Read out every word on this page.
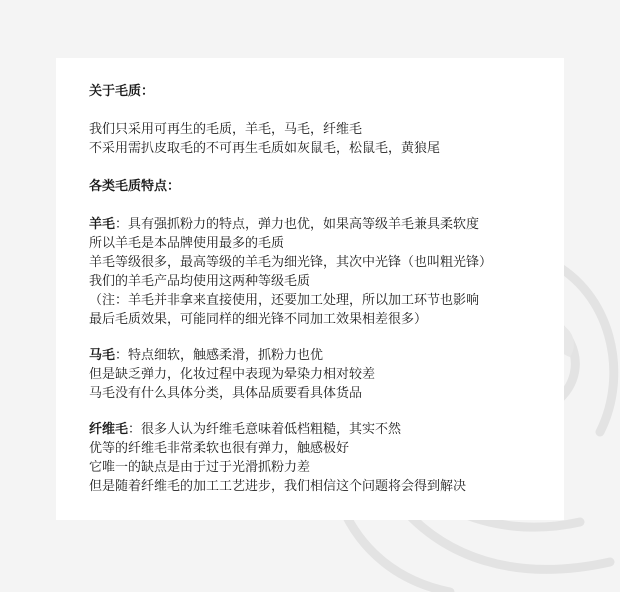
关于毛质：

我们只采用可再生的毛质，羊毛，马毛，纤维毛

不采用需扒皮取毛的不可再生毛质如灰鼠毛，松鼠毛，黄狼尾

各类毛质特点：

羊毛：具有强抓粉力的特点，弹力也优，如果高等级羊毛兼具柔软度

所以羊毛是本品牌使用最多的毛质

羊毛等级很多，最高等级的羊毛为细光锋，其次中光锋（也叫粗光锋）

我们的羊毛产品均使用这两种等级毛质

（注：羊毛并非拿来直接使用，还要加工处理，所以加工环节也影响

最后毛质效果，可能同样的细光锋不同加工效果相差很多）

马毛：特点细软，触感柔滑，抓粉力也优

但是缺乏弹力，化妆过程中表现为晕染力相对较差

马毛没有什么具体分类，具体品质要看具体货品

纤维毛：很多人认为纤维毛意味着低档粗糙，其实不然

优等的纤维毛非常柔软也很有弹力，触感极好

它唯一的缺点是由于过于光滑抓粉力差

但是随着纤维毛的加工工艺进步，我们相信这个问题将会得到解决
